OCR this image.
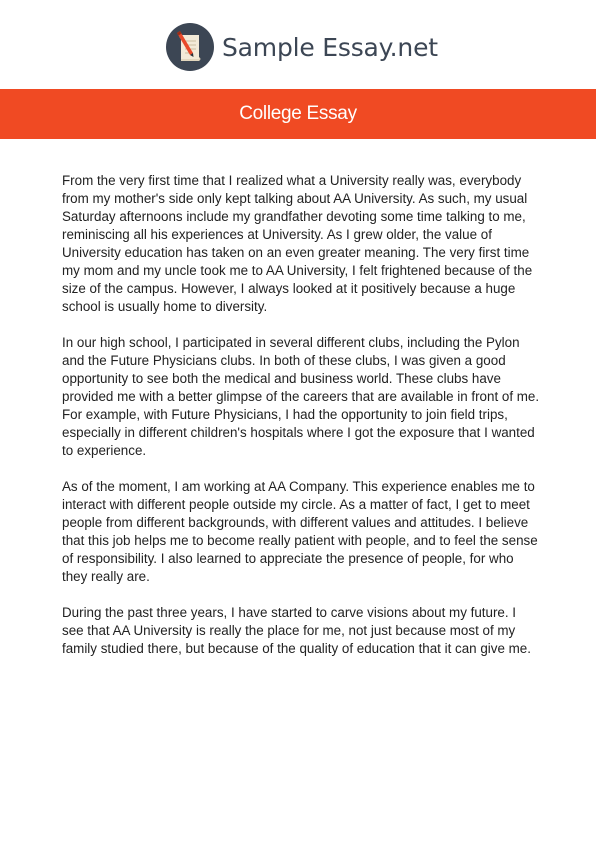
Sample Essay.net
College Essay

From the very first time that I realized what a University really was, everybody from my mother's side only kept talking about AA University. As such, my usual Saturday afternoons include my grandfather devoting some time talking to me, reminiscing all his experiences at University. As I grew older, the value of University education has taken on an even greater meaning. The very first time my mom and my uncle took me to AA University, I felt frightened because of the size of the campus. However, I always looked at it positively because a huge school is usually home to diversity.

In our high school, I participated in several different clubs, including the Pylon and the Future Physicians clubs. In both of these clubs, I was given a good opportunity to see both the medical and business world. These clubs have provided me with a better glimpse of the careers that are available in front of me. For example, with Future Physicians, I had the opportunity to join field trips, especially in different children's hospitals where I got the exposure that I wanted to experience.

As of the moment, I am working at AA Company. This experience enables me to interact with different people outside my circle. As a matter of fact, I get to meet people from different backgrounds, with different values and attitudes. I believe that this job helps me to become really patient with people, and to feel the sense of responsibility. I also learned to appreciate the presence of people, for who they really are.

During the past three years, I have started to carve visions about my future. I see that AA University is really the place for me, not just because most of my family studied there, but because of the quality of education that it can give me.
